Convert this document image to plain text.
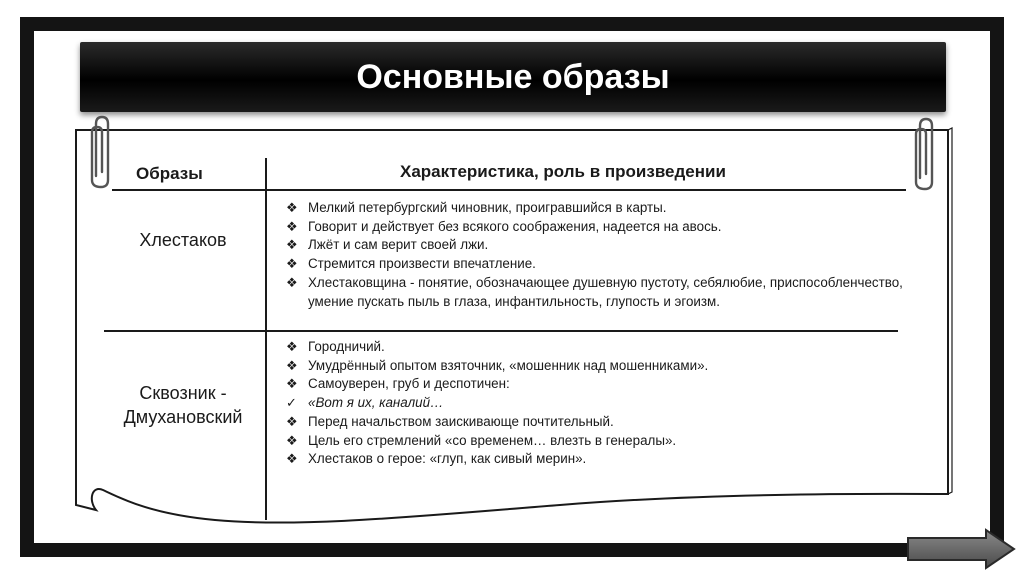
Основные образы
Образы	Характеристика, роль в произведении
Хлестаков
❖ Мелкий петербургский чиновник, проигравшийся в карты.
❖ Говорит и действует без всякого соображения, надеется на авось.
❖ Лжёт и сам верит своей лжи.
❖ Стремится произвести впечатление.
❖ Хлестаковщина - понятие, обозначающее душевную пустоту, себялюбие, приспособленчество, умение пускать пыль в глаза, инфантильность, глупость и эгоизм.
Сквозник -
Дмухановский
❖ Городничий.
❖ Умудрённый опытом взяточник, «мошенник над мошенниками».
❖ Самоуверен, груб и деспотичен:
✓ «Вот я их, каналий…
❖ Перед начальством заискивающе почтительный.
❖ Цель его стремлений «со временем… влезть в генералы».
❖ Хлестаков о герое: «глуп, как сивый мерин».
